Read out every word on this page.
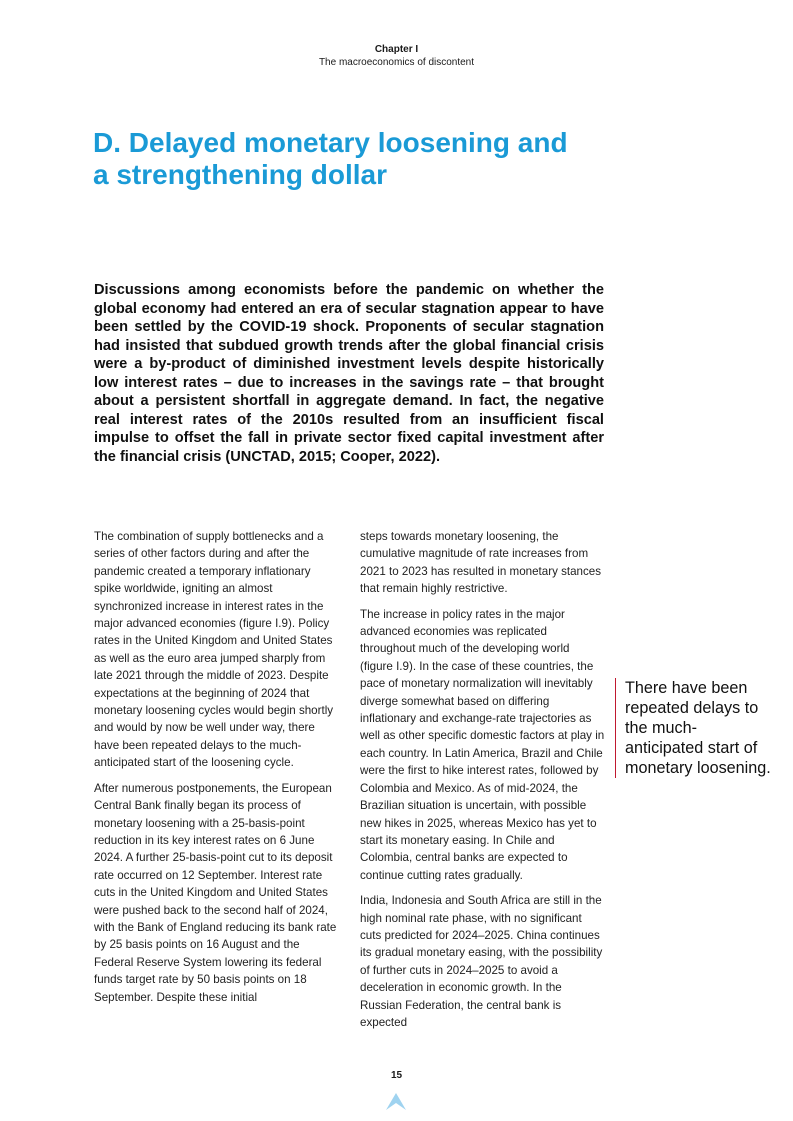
Chapter I
The macroeconomics of discontent
D. Delayed monetary loosening and
a strengthening dollar

Discussions among economists before the pandemic on whether the global economy had entered an era of secular stagnation appear to have been settled by the COVID-19 shock. Proponents of secular stagnation had insisted that subdued growth trends after the global financial crisis were a by-product of diminished investment levels despite historically low interest rates – due to increases in the savings rate – that brought about a persistent shortfall in aggregate demand. In fact, the negative real interest rates of the 2010s resulted from an insufficient fiscal impulse to offset the fall in private sector fixed capital investment after the financial crisis (UNCTAD, 2015; Cooper, 2022).

The combination of supply bottlenecks and a series of other factors during and after the pandemic created a temporary inflationary spike worldwide, igniting an almost synchronized increase in interest rates in the major advanced economies (figure I.9). Policy rates in the United Kingdom and United States as well as the euro area jumped sharply from late 2021 through the middle of 2023. Despite expectations at the beginning of 2024 that monetary loosening cycles would begin shortly and would by now be well under way, there have been repeated delays to the much-anticipated start of the loosening cycle.

After numerous postponements, the European Central Bank finally began its process of monetary loosening with a 25-basis-point reduction in its key interest rates on 6 June 2024. A further 25-basis-point cut to its deposit rate occurred on 12 September. Interest rate cuts in the United Kingdom and United States were pushed back to the second half of 2024, with the Bank of England reducing its bank rate by 25 basis points on 16 August and the Federal Reserve System lowering its federal funds target rate by 50 basis points on 18 September. Despite these initial

steps towards monetary loosening, the cumulative magnitude of rate increases from 2021 to 2023 has resulted in monetary stances that remain highly restrictive.

The increase in policy rates in the major advanced economies was replicated throughout much of the developing world (figure I.9). In the case of these countries, the pace of monetary normalization will inevitably diverge somewhat based on differing inflationary and exchange-rate trajectories as well as other specific domestic factors at play in each country. In Latin America, Brazil and Chile were the first to hike interest rates, followed by Colombia and Mexico. As of mid-2024, the Brazilian situation is uncertain, with possible new hikes in 2025, whereas Mexico has yet to start its monetary easing. In Chile and Colombia, central banks are expected to continue cutting rates gradually.

India, Indonesia and South Africa are still in the high nominal rate phase, with no significant cuts predicted for 2024–2025. China continues its gradual monetary easing, with the possibility of further cuts in 2024–2025 to avoid a deceleration in economic growth. In the Russian Federation, the central bank is expected

There have been repeated delays to the much-anticipated start of monetary loosening.
15
